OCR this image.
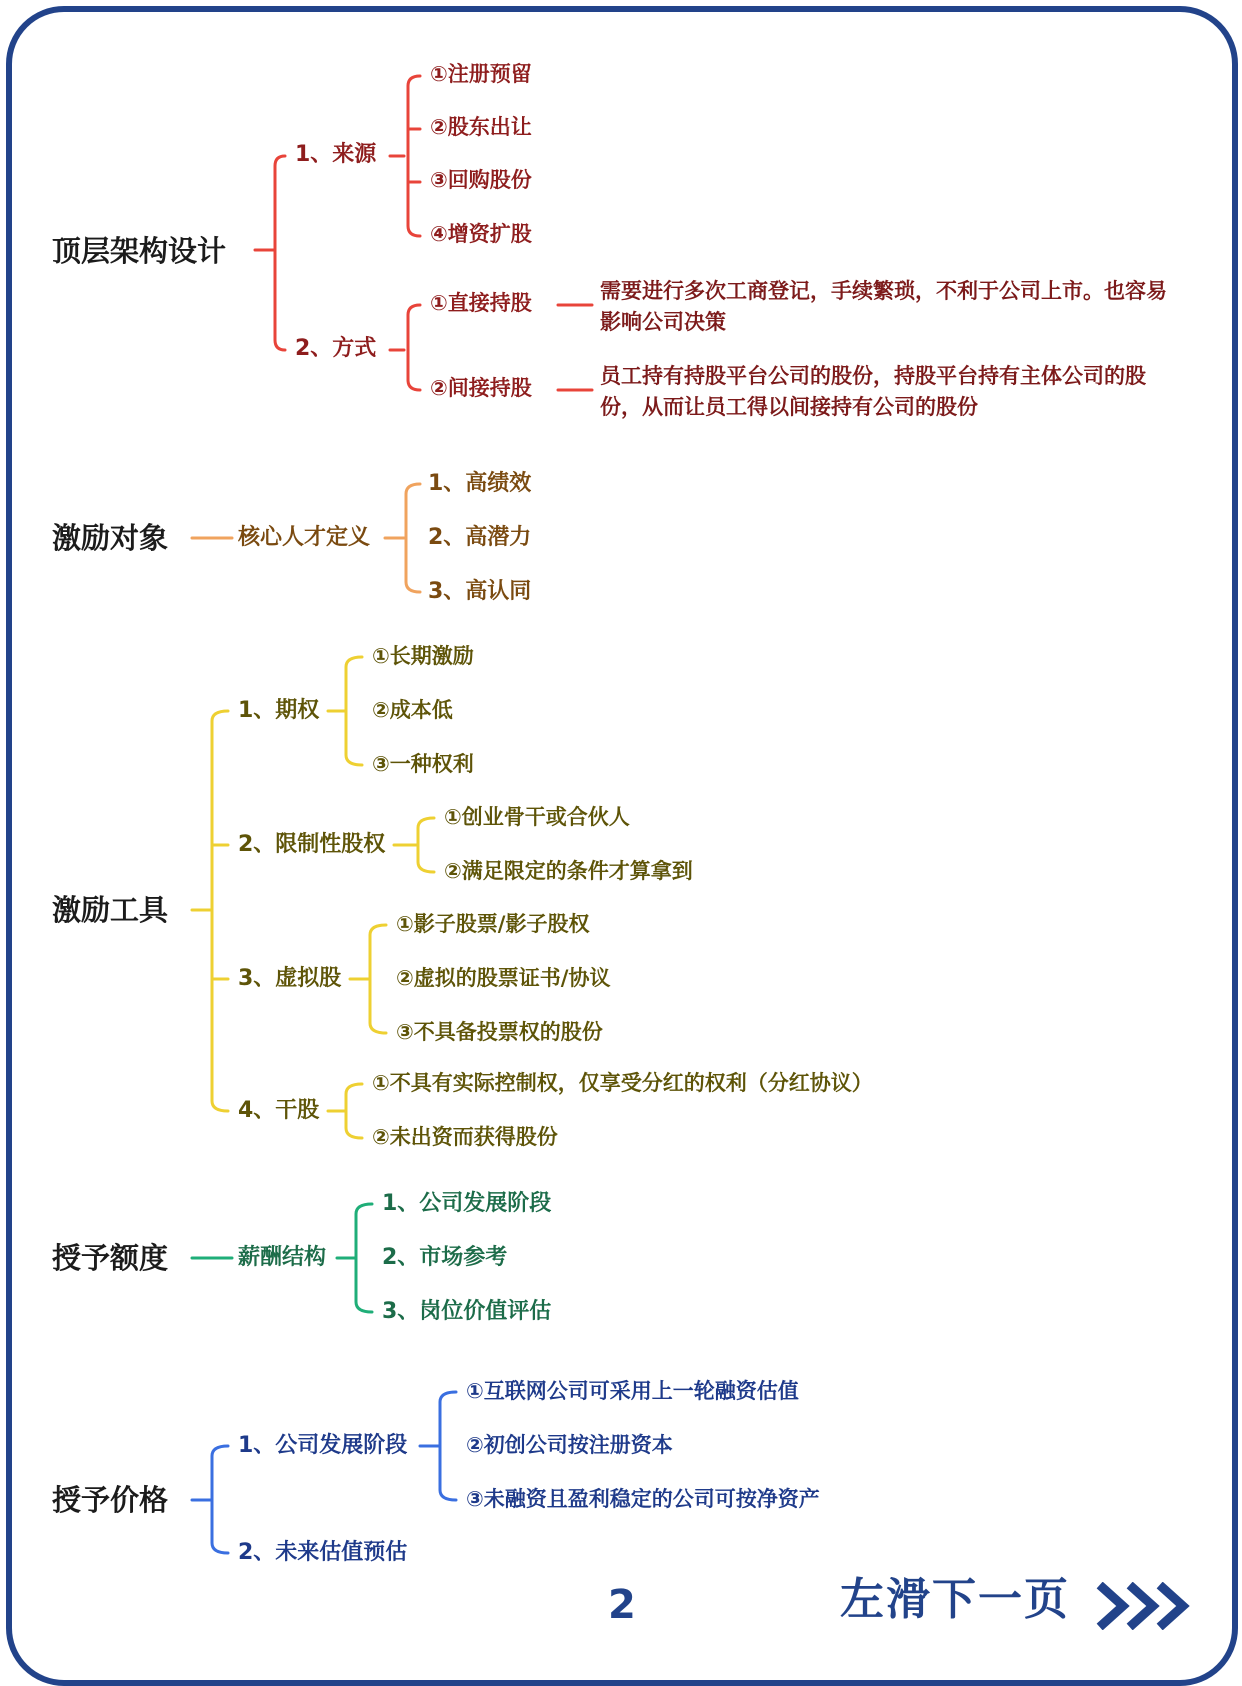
顶层架构设计
1、来源
①注册预留
②股东出让
③回购股份
④增资扩股
2、方式
①直接持股	需要进行多次工商登记，手续繁琐，不利于公司上市。也容易影响公司决策
②间接持股	员工持有持股平台公司的股份，持股平台持有主体公司的股份，从而让员工得以间接持有公司的股份
激励对象	核心人才定义
1、高绩效
2、高潜力
3、高认同
激励工具
1、期权
①长期激励
②成本低
③一种权利
2、限制性股权
①创业骨干或合伙人
②满足限定的条件才算拿到
3、虚拟股
①影子股票/影子股权
②虚拟的股票证书/协议
③不具备投票权的股份
4、干股
①不具有实际控制权，仅享受分红的权利（分红协议）
②未出资而获得股份
授予额度	薪酬结构
1、公司发展阶段
2、市场参考
3、岗位价值评估
授予价格
1、公司发展阶段
①互联网公司可采用上一轮融资估值
②初创公司按注册资本
③未融资且盈利稳定的公司可按净资产
2、未来估值预估
2	左滑下一页
